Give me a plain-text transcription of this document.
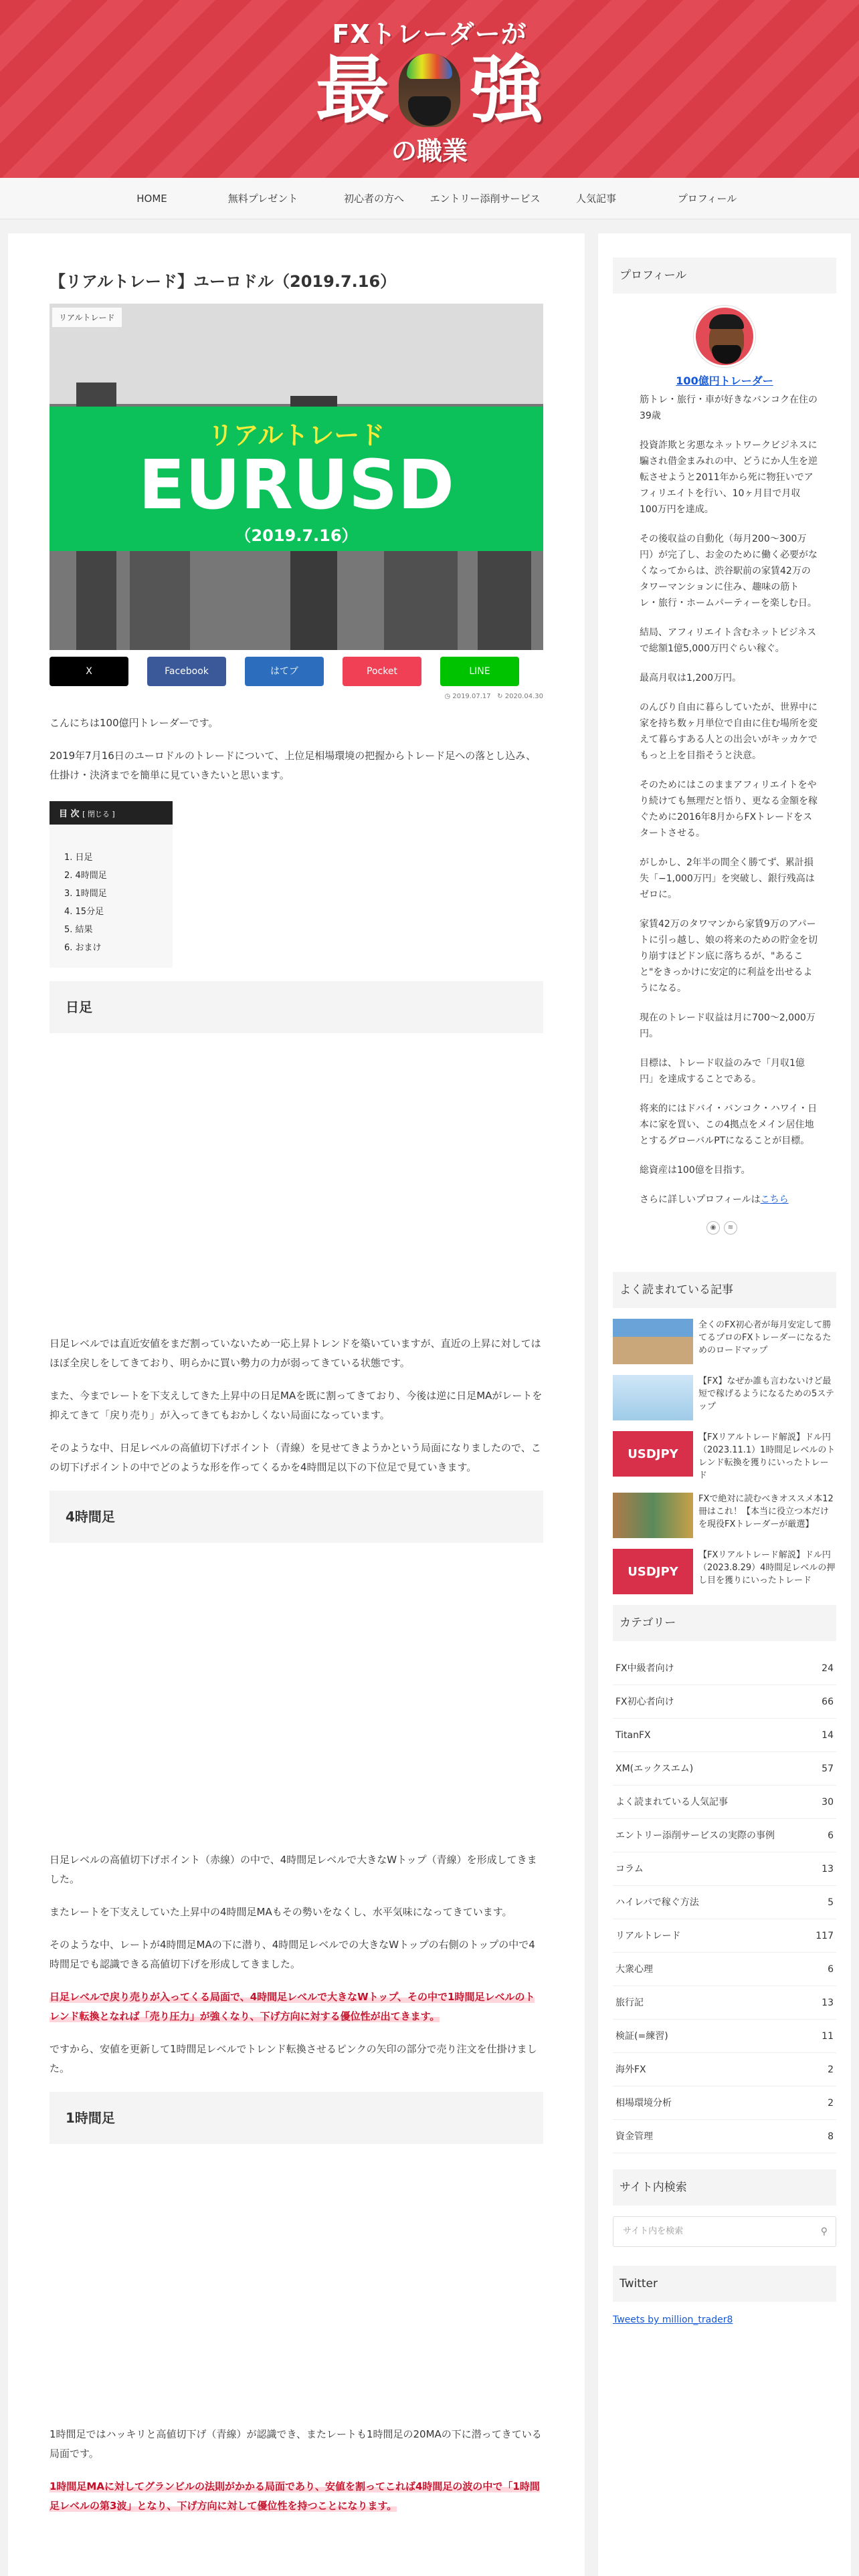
FXトレーダーが
最 強
の職業
HOME	無料プレゼント	初心者の方へ	エントリー添削サービス	人気記事	プロフィール
【リアルトレード】ユーロドル（2019.7.16）
リアルトレード
リアルトレード
EURUSD
（2019.7.16）
X	Facebook	はてブ	Pocket	LINE
◷ 2019.07.17 ↻ 2020.04.30

こんにちは100億円トレーダーです。

2019年7月16日のユーロドルのトレードについて、上位足相場環境の把握からトレード足への落とし込み、仕掛け・決済までを簡単に見ていきたいと思います。

目 次 [ 閉じる ]
1. 日足
2. 4時間足
3. 1時間足
4. 15分足
5. 結果
6. おまけ
日足

日足レベルでは直近安値をまだ割っていないため一応上昇トレンドを築いていますが、直近の上昇に対してはほぼ全戻しをしてきており、明らかに買い勢力の力が弱ってきている状態です。

また、今までレートを下支えしてきた上昇中の日足MAを既に割ってきており、今後は逆に日足MAがレートを抑えてきて「戻り売り」が入ってきてもおかしくない局面になっています。

そのような中、日足レベルの高値切下げポイント（青線）を見せてきようかという局面になりましたので、この切下げポイントの中でどのような形を作ってくるかを4時間足以下の下位足で見ていきます。

4時間足

日足レベルの高値切下げポイント（赤線）の中で、4時間足レベルで大きなWトップ（青線）を形成してきました。

またレートを下支えしていた上昇中の4時間足MAもその勢いをなくし、水平気味になってきています。

そのような中、レートが4時間足MAの下に潜り、4時間足レベルでの大きなWトップの右側のトップの中で4時間足でも認識できる高値切下げを形成してきました。

日足レベルで戻り売りが入ってくる局面で、4時間足レベルで大きなWトップ、その中で1時間足レベルのトレンド転換となれば「売り圧力」が強くなり、下げ方向に対する優位性が出てきます。

ですから、安値を更新して1時間足レベルでトレンド転換させるピンクの矢印の部分で売り注文を仕掛けました。

1時間足

1時間足ではハッキリと高値切下げ（青線）が認識でき、またレートも1時間足の20MAの下に潜ってきている局面です。

1時間足MAに対してグランビルの法則がかかる局面であり、安値を割ってこれば4時間足の波の中で「1時間足レベルの第3波」となり、下げ方向に対して優位性を持つことになります。

プロフィール
100億円トレーダー

筋トレ・旅行・車が好きなバンコク在住の39歳

投資詐欺と劣悪なネットワークビジネスに騙され借金まみれの中、どうにか人生を逆転させようと2011年から死に物狂いでアフィリエイトを行い、10ヶ月目で月収100万円を達成。

その後収益の自動化（毎月200〜300万円）が完了し、お金のために働く必要がなくなってからは、渋谷駅前の家賃42万のタワーマンションに住み、趣味の筋トレ・旅行・ホームパーティーを楽しむ日。

結局、アフィリエイト含むネットビジネスで総額1億5,000万円ぐらい稼ぐ。

最高月収は1,200万円。

のんびり自由に暮らしていたが、世界中に家を持ち数ヶ月単位で自由に住む場所を変えて暮らすある人との出会いがキッカケでもっと上を目指そうと決意。

そのためにはこのままアフィリエイトをやり続けても無理だと悟り、更なる金額を稼ぐために2016年8月からFXトレードをスタートさせる。

がしかし、2年半の間全く勝てず、累計損失「−1,000万円」を突破し、銀行残高はゼロに。

家賃42万のタワマンから家賃9万のアパートに引っ越し、娘の将来のための貯金を切り崩すほどドン底に落ちるが、"あること"をきっかけに安定的に利益を出せるようになる。

現在のトレード収益は月に700〜2,000万円。

目標は、トレード収益のみで「月収1億円」を達成することである。

将来的にはドバイ・バンコク・ハワイ・日本に家を買い、この4拠点をメイン居住地とするグローバルPTになることが目標。

総資産は100億を目指す。

さらに詳しいプロフィールはこちら

◉	≋
よく読まれている記事
全くのFX初心者が毎月安定して勝てるプロのFXトレーダーになるためのロードマップ
【FX】なぜか誰も言わないけど最短で稼げるようになるための5ステップ
USDJPY
【FXリアルトレード解説】ドル円（2023.11.1）1時間足レベルのトレンド転換を獲りにいったトレード
FXで絶対に読むべきオススメ本12冊はこれ！【本当に役立つ本だけを現役FXトレーダーが厳選】
USDJPY
【FXリアルトレード解説】ドル円（2023.8.29）4時間足レベルの押し目を獲りにいったトレード
カテゴリー
FX中級者向け	24
FX初心者向け	66
TitanFX	14
XM(エックスエム)	57
よく読まれている人気記事	30
エントリー添削サービスの実際の事例	6
コラム	13
ハイレバで稼ぐ方法	5
リアルトレード	117
大衆心理	6
旅行記	13
検証(=練習)	11
海外FX	2
相場環境分析	2
資金管理	8
サイト内検索
サイト内を検索	⚲
Twitter
Tweets by million_trader8
